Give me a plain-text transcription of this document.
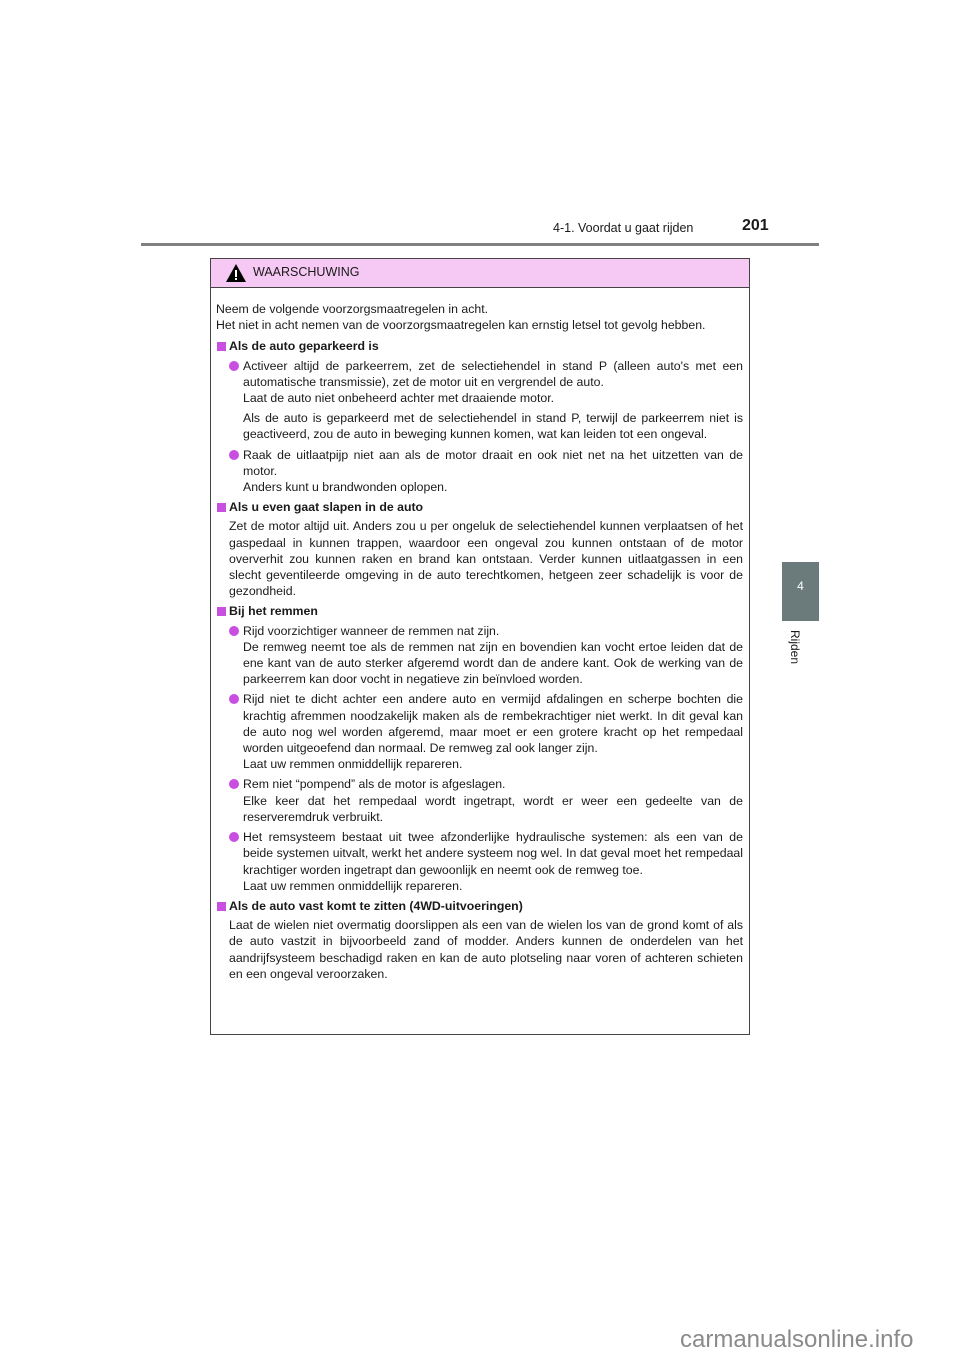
4-1. Voordat u gaat rijden	201
4
Rijden
WAARSCHUWING
Neem de volgende voorzorgsmaatregelen in acht.
Het niet in acht nemen van de voorzorgsmaatregelen kan ernstig letsel tot gevolg hebben.
Als de auto geparkeerd is
Activeer altijd de parkeerrem, zet de selectiehendel in stand P (alleen auto's met een automatische transmissie), zet de motor uit en vergrendel de auto.
Laat de auto niet onbeheerd achter met draaiende motor.
Als de auto is geparkeerd met de selectiehendel in stand P, terwijl de parkeerrem niet is geactiveerd, zou de auto in beweging kunnen komen, wat kan leiden tot een ongeval.
Raak de uitlaatpijp niet aan als de motor draait en ook niet net na het uitzetten van de motor.
Anders kunt u brandwonden oplopen.
Als u even gaat slapen in de auto
Zet de motor altijd uit. Anders zou u per ongeluk de selectiehendel kunnen verplaatsen of het gaspedaal in kunnen trappen, waardoor een ongeval zou kunnen ontstaan of de motor oververhit zou kunnen raken en brand kan ontstaan. Verder kunnen uitlaatgassen in een slecht geventileerde omgeving in de auto terechtkomen, hetgeen zeer schadelijk is voor de gezondheid.
Bij het remmen
Rijd voorzichtiger wanneer de remmen nat zijn.
De remweg neemt toe als de remmen nat zijn en bovendien kan vocht ertoe leiden dat de ene kant van de auto sterker afgeremd wordt dan de andere kant. Ook de werking van de parkeerrem kan door vocht in negatieve zin beïnvloed worden.
Rijd niet te dicht achter een andere auto en vermijd afdalingen en scherpe bochten die krachtig afremmen noodzakelijk maken als de rembekrachtiger niet werkt. In dit geval kan de auto nog wel worden afgeremd, maar moet er een grotere kracht op het rempedaal worden uitgeoefend dan normaal. De remweg zal ook langer zijn.
Laat uw remmen onmiddellijk repareren.
Rem niet “pompend” als de motor is afgeslagen.
Elke keer dat het rempedaal wordt ingetrapt, wordt er weer een gedeelte van de reserveremdruk verbruikt.
Het remsysteem bestaat uit twee afzonderlijke hydraulische systemen: als een van de beide systemen uitvalt, werkt het andere systeem nog wel. In dat geval moet het rempedaal krachtiger worden ingetrapt dan gewoonlijk en neemt ook de remweg toe.
Laat uw remmen onmiddellijk repareren.
Als de auto vast komt te zitten (4WD-uitvoeringen)
Laat de wielen niet overmatig doorslippen als een van de wielen los van de grond komt of als de auto vastzit in bijvoorbeeld zand of modder. Anders kunnen de onderdelen van het aandrijfsysteem beschadigd raken en kan de auto plotseling naar voren of achteren schieten en een ongeval veroorzaken.
carmanualsonline.info
